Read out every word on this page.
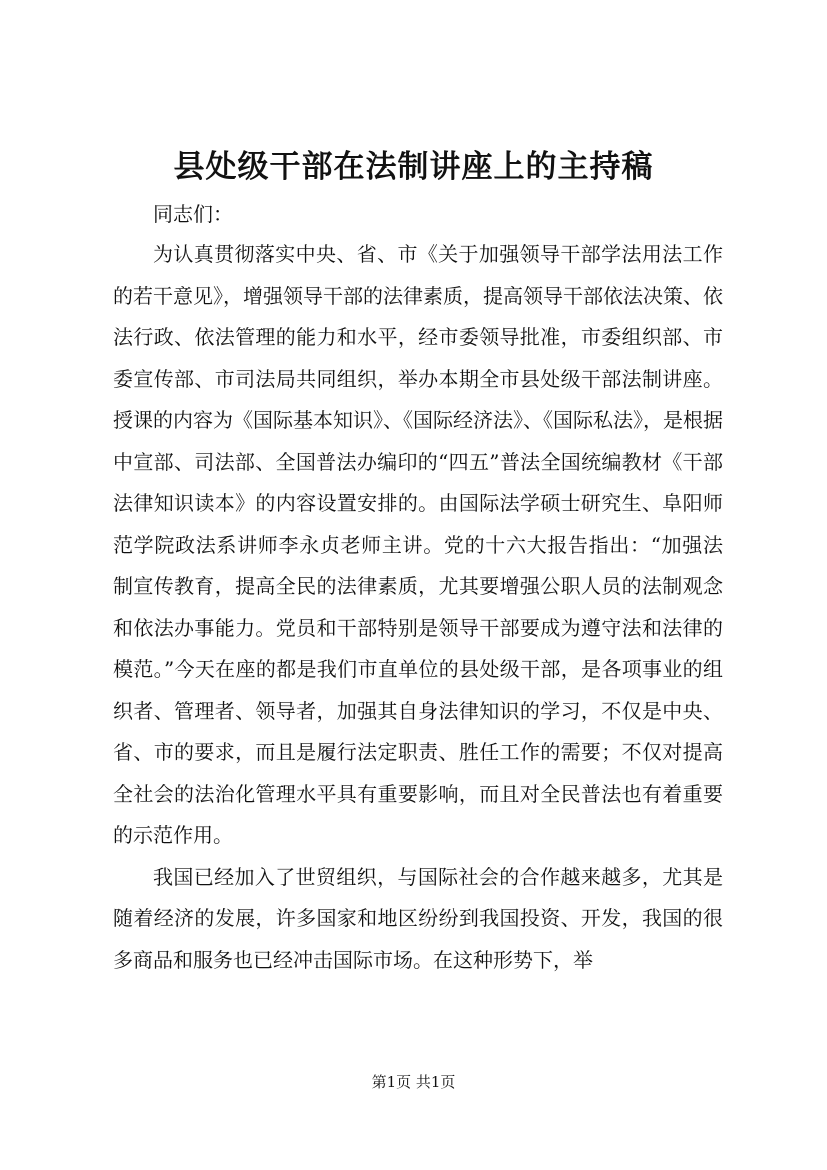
县处级干部在法制讲座上的主持稿

同志们：

为认真贯彻落实中央、省、市《关于加强领导干部学法用法工作的若干意见》，增强领导干部的法律素质，提高领导干部依法决策、依法行政、依法管理的能力和水平，经市委领导批准，市委组织部、市委宣传部、市司法局共同组织，举办本期全市县处级干部法制讲座。授课的内容为《国际基本知识》、《国际经济法》、《国际私法》，是根据中宣部、司法部、全国普法办编印的“四五”普法全国统编教材《干部法律知识读本》的内容设置安排的。由国际法学硕士研究生、阜阳师范学院政法系讲师李永贞老师主讲。党的十六大报告指出：“加强法制宣传教育，提高全民的法律素质，尤其要增强公职人员的法制观念和依法办事能力。党员和干部特别是领导干部要成为遵守法和法律的模范。”今天在座的都是我们市直单位的县处级干部，是各项事业的组织者、管理者、领导者，加强其自身法律知识的学习，不仅是中央、省、市的要求，而且是履行法定职责、胜任工作的需要；不仅对提高全社会的法治化管理水平具有重要影响，而且对全民普法也有着重要的示范作用。

我国已经加入了世贸组织，与国际社会的合作越来越多，尤其是随着经济的发展，许多国家和地区纷纷到我国投资、开发，我国的很多商品和服务也已经冲击国际市场。在这种形势下，举

第1页 共1页
